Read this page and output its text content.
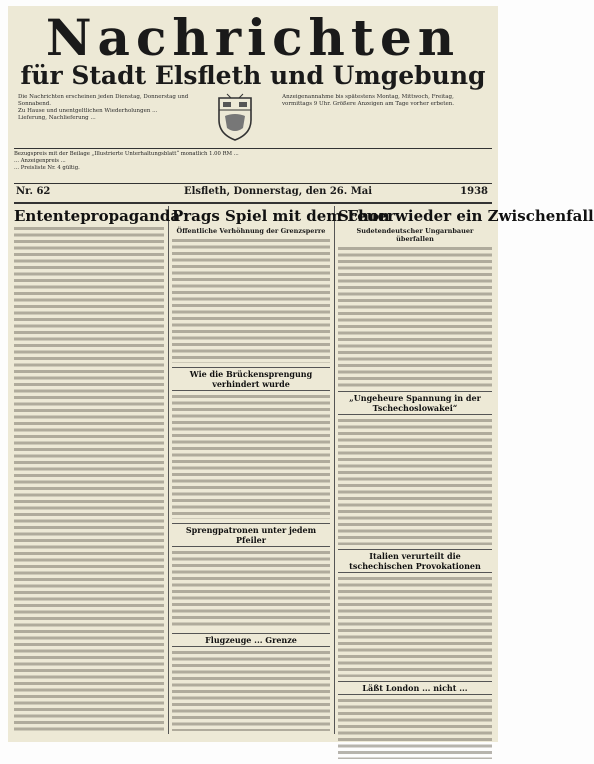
Nachrichten
für Stadt Elsfleth und Umgebung

Die Nachrichten erscheinen jeden Dienstag, Donnerstag und Sonnabend.

Zu Hause und unentgeltlichen Wiederholungen ...

Lieferung, Nachlieferung ...

Anzeigenannahme bis spätestens Montag, Mittwoch, Freitag,

vormittags 9 Uhr. Größere Anzeigen am Tage vorher erbeten.

Bezugspreis mit der Beilage „Illustrierte Unterhaltungsblatt“ monatlich 1.00 RM ...

... Anzeigenpreis ...

... Preisliste Nr. 4 gültig.

Nr. 62	Elsfleth, Donnerstag, den 26. Mai	1938
Ententepropaganda
Prags Spiel mit dem Feuer
Öffentliche Verhöhnung der Grenzsperre
Wie die Brückensprengung verhindert wurde
Sprengpatronen unter jedem Pfeiler
Flugzeuge ... Grenze
Schon wieder ein Zwischenfall
Sudetendeutscher Ungarnbauer überfallen
„Ungeheure Spannung in der Tschechoslowakei“
Italien verurteilt die tschechischen Provokationen
Läßt London ... nicht ...
